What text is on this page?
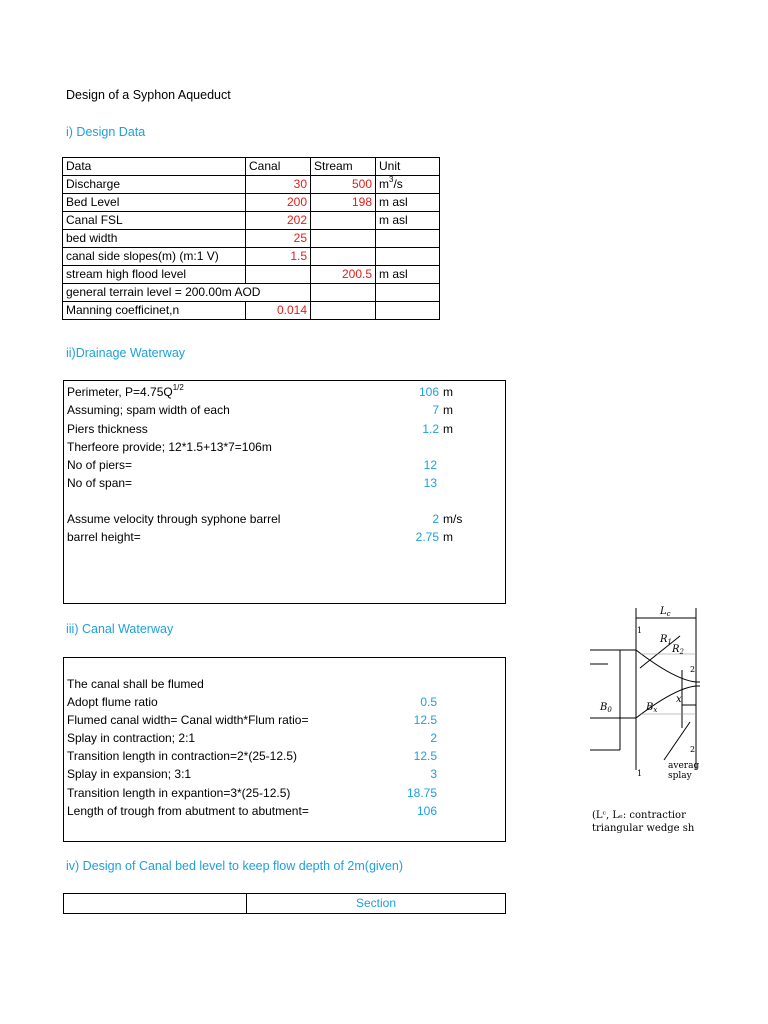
Design of a Syphon Aqueduct
i) Design Data
Data	Canal	Stream	Unit
Discharge	30	500	$m^3/s$
Bed Level	200	198	m asl
Canal FSL	202		m asl
bed width	25		
canal side slopes(m) (m:1 V)	1.5		
stream high flood level		200.5	m asl
general terrain level = 200.00m AOD			
Manning coefficinet,n	0.014		
ii)Drainage Waterway
Perimeter, $P=4.75Q^{1/2}$	106 m
Assuming; spam width of each	7 m
Piers thickness	1.2 m
Therfeore provide; 12*1.5+13*7=106m
No of piers=	12
No of span=	13
Assume velocity through syphone barrel	2 m/s
barrel height=	2.75 m
iii) Canal Waterway
The canal shall be flumed
Adopt flume ratio	0.5
Flumed canal width= Canal width*Flum ratio=	12.5
Splay in contraction; 2:1	2
Transition length in contraction=2*(25-12.5)	12.5
Splay in expansion; 3:1	3
Transition length in expantion=3*(25-12.5)	18.75
Length of trough from abutment to abutment=	106
iv) Design of Canal bed level to keep flow depth of 2m(given)
Section
$L_c$
$R_1$
$R_2$
$B_0$	$B_x$
x
1
2
2
1
averag
splay
(Lᶜ, Lₑ: contractior
triangular wedge sh
